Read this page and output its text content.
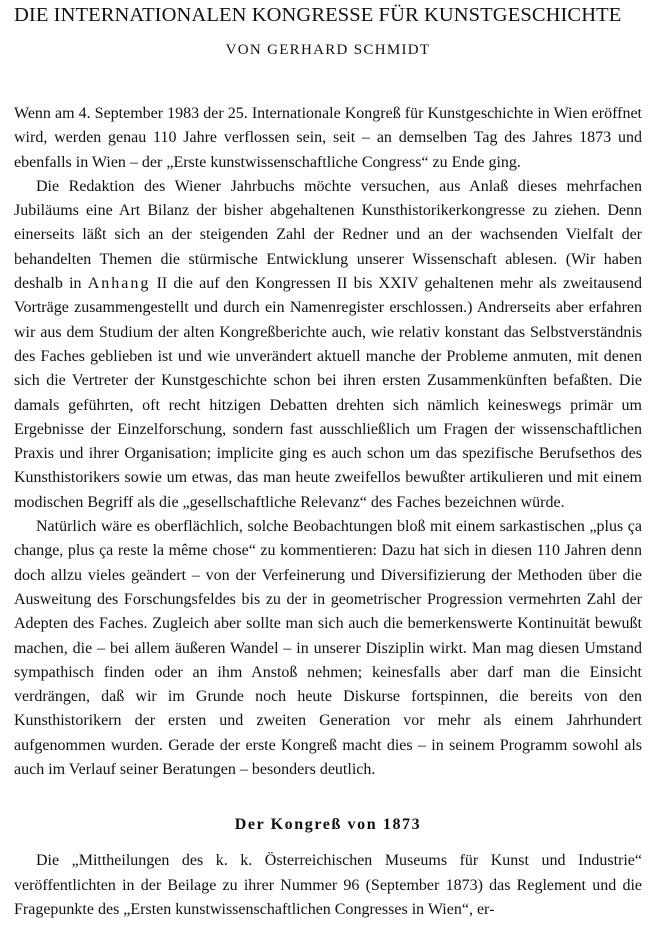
DIE INTERNATIONALEN KONGRESSE FÜR KUNSTGESCHICHTE
VON GERHARD SCHMIDT

Wenn am 4. September 1983 der 25. Internationale Kongreß für Kunstgeschichte in Wien eröffnet wird, werden genau 110 Jahre verflossen sein, seit – an demselben Tag des Jahres 1873 und ebenfalls in Wien – der „Erste kunstwissenschaftliche Congress“ zu Ende ging.

Die Redaktion des Wiener Jahrbuchs möchte versuchen, aus Anlaß dieses mehrfachen Jubiläums eine Art Bilanz der bisher abgehaltenen Kunsthistorikerkongresse zu ziehen. Denn einerseits läßt sich an der steigenden Zahl der Redner und an der wachsenden Vielfalt der behandelten Themen die stürmische Entwicklung unserer Wissenschaft ablesen. (Wir haben deshalb in Anhang II die auf den Kongressen II bis XXIV gehaltenen mehr als zweitausend Vorträge zusammengestellt und durch ein Namenregister erschlossen.) Andrerseits aber erfahren wir aus dem Studium der alten Kongreßberichte auch, wie relativ konstant das Selbstverständnis des Faches geblieben ist und wie unverändert aktuell manche der Probleme anmuten, mit denen sich die Vertreter der Kunstgeschichte schon bei ihren ersten Zusammenkünften befaßten. Die damals geführten, oft recht hitzigen Debatten drehten sich nämlich keineswegs primär um Ergebnisse der Einzelforschung, sondern fast ausschließlich um Fragen der wissenschaftlichen Praxis und ihrer Organisation; implicite ging es auch schon um das spezifische Berufsethos des Kunsthistorikers sowie um etwas, das man heute zweifellos bewußter artikulieren und mit einem modischen Begriff als die „gesellschaftliche Relevanz“ des Faches bezeichnen würde.

Natürlich wäre es oberflächlich, solche Beobachtungen bloß mit einem sarkastischen „plus ça change, plus ça reste la même chose“ zu kommentieren: Dazu hat sich in diesen 110 Jahren denn doch allzu vieles geändert – von der Verfeinerung und Diversifizierung der Methoden über die Ausweitung des Forschungsfeldes bis zu der in geometrischer Progression vermehrten Zahl der Adepten des Faches. Zugleich aber sollte man sich auch die bemerkenswerte Kontinuität bewußt machen, die – bei allem äußeren Wandel – in unserer Disziplin wirkt. Man mag diesen Umstand sympathisch finden oder an ihm Anstoß nehmen; keinesfalls aber darf man die Einsicht verdrängen, daß wir im Grunde noch heute Diskurse fortspinnen, die bereits von den Kunsthistorikern der ersten und zweiten Generation vor mehr als einem Jahrhundert aufgenommen wurden. Gerade der erste Kongreß macht dies – in seinem Programm sowohl als auch im Verlauf seiner Beratungen – besonders deutlich.

Der Kongreß von 1873

Die „Mittheilungen des k. k. Österreichischen Museums für Kunst und Industrie“ veröffentlichten in der Beilage zu ihrer Nummer 96 (September 1873) das Reglement und die Fragepunkte des „Ersten kunstwissenschaftlichen Congresses in Wien“, er-
